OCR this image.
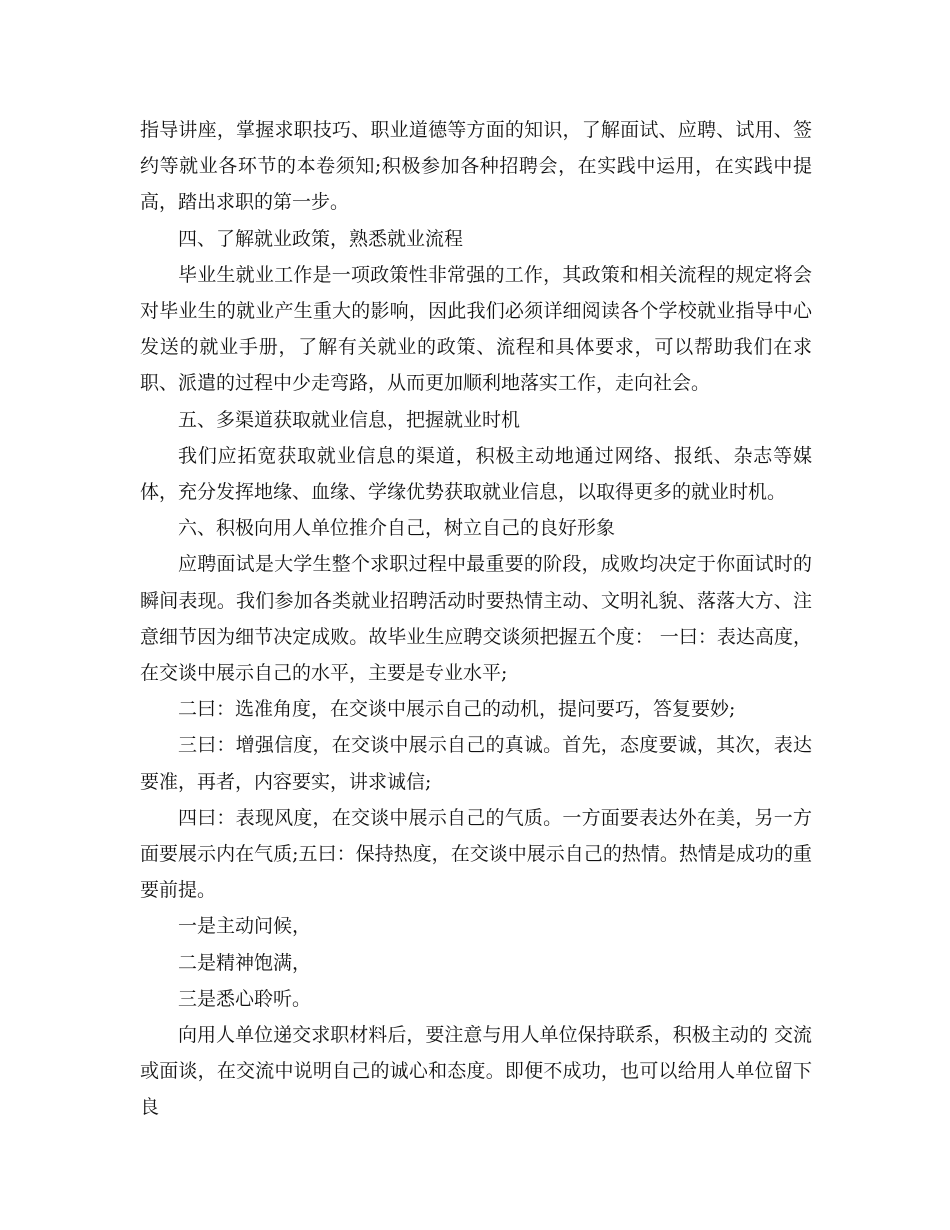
指导讲座，掌握求职技巧、职业道德等方面的知识，了解面试、应聘、试用、签约等就业各环节的本卷须知;积极参加各种招聘会，在实践中运用，在实践中提高，踏出求职的第一步。

四、了解就业政策，熟悉就业流程

毕业生就业工作是一项政策性非常强的工作，其政策和相关流程的规定将会对毕业生的就业产生重大的影响，因此我们必须详细阅读各个学校就业指导中心发送的就业手册，了解有关就业的政策、流程和具体要求，可以帮助我们在求职、派遣的过程中少走弯路，从而更加顺利地落实工作，走向社会。

五、多渠道获取就业信息，把握就业时机

我们应拓宽获取就业信息的渠道，积极主动地通过网络、报纸、杂志等媒体，充分发挥地缘、血缘、学缘优势获取就业信息，以取得更多的就业时机。

六、积极向用人单位推介自己，树立自己的良好形象

应聘面试是大学生整个求职过程中最重要的阶段，成败均决定于你面试时的瞬间表现。我们参加各类就业招聘活动时要热情主动、文明礼貌、落落大方、注意细节因为细节决定成败。故毕业生应聘交谈须把握五个度： 一曰：表达高度，在交谈中展示自己的水平，主要是专业水平;

二曰：选准角度，在交谈中展示自己的动机，提问要巧，答复要妙;

三曰：增强信度，在交谈中展示自己的真诚。首先，态度要诚，其次，表达要准，再者，内容要实，讲求诚信;

四曰：表现风度，在交谈中展示自己的气质。一方面要表达外在美，另一方面要展示内在气质;五曰：保持热度，在交谈中展示自己的热情。热情是成功的重要前提。

一是主动问候，

二是精神饱满，

三是悉心聆听。

向用人单位递交求职材料后，要注意与用人单位保持联系，积极主动的 交流或面谈，在交流中说明自己的诚心和态度。即便不成功，也可以给用人单位留下良
